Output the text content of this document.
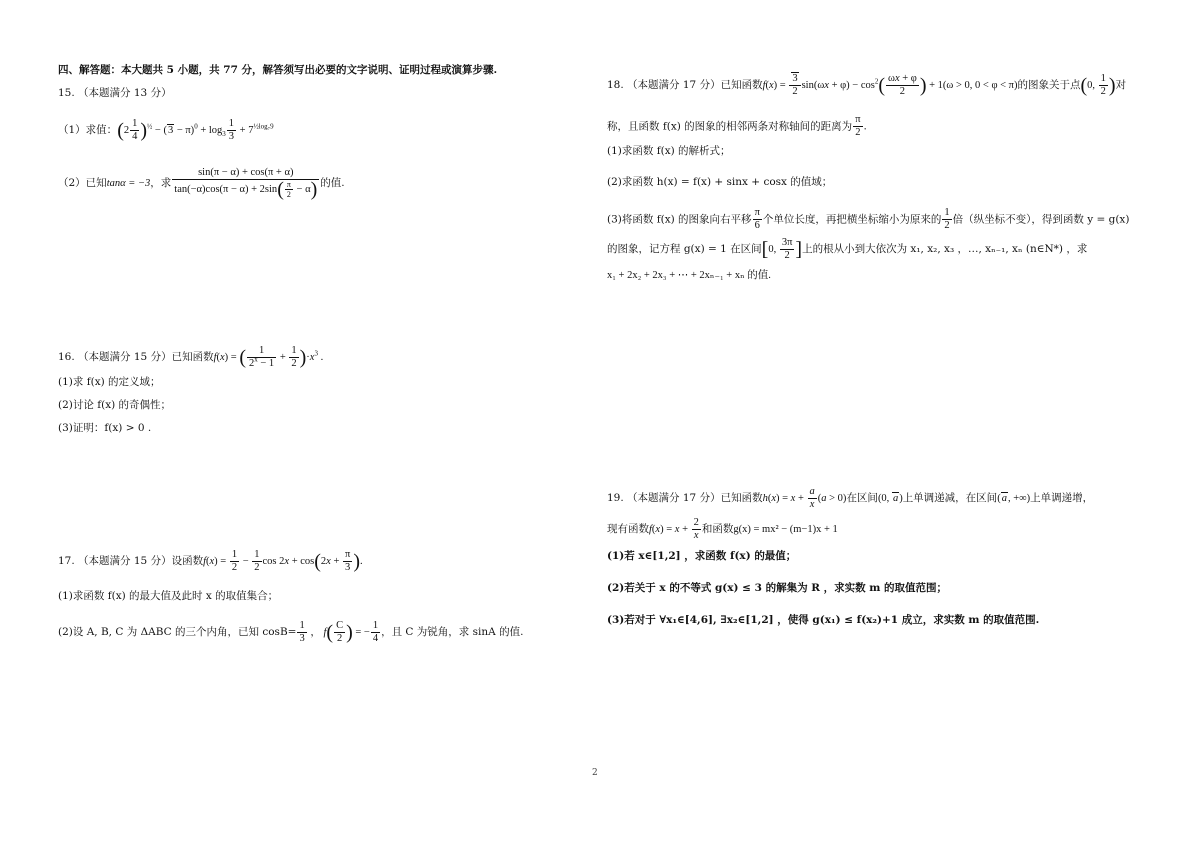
四、解答题：本大题共 5 小题，共 77 分，解答须写出必要的文字说明、证明过程或演算步骤.
15. （本题满分 13 分）
（1）求值：$(2 \frac{1}{4} )^{\frac{1}{2}} - (3 - \pi)^0 + \log_3 \frac{1}{3} + 7^{\frac{1}{2}log_79}$
（2）已知tanα = −3，求 $\frac{\sin(\pi - \alpha) + \cos(\pi + \alpha)}{\tan(-\alpha)\cos(\pi - \alpha) + 2\sin( \frac{\pi}{2} - \alpha)}$ 的值.
16. （本题满分 15 分）已知函数f(x) = ( $\frac{1}{2^x - 1} + \frac{1}{2} )\cdot x^3$ .
(1)求 f(x) 的定义域；
(2)讨论 f(x) 的奇偶性；
(3)证明：f(x) > 0 .
17. （本题满分 15 分）设函数$f(x) = \frac{1}{2} - \frac{1}{2}$ $\cos 2x + \cos(2x + \frac{\pi}{3}$ ).
(1)求函数 f(x) 的最大值及此时 x 的取值集合；
(2)设 A, B, C 为 ΔABC 的三个内角，已知 $\cos B= \frac{1}{3}$ ， $f( \frac{C}{2}$ ) = − $\frac{1}{4}$ ，且 C 为锐角，求 sinA 的值.
18. （本题满分 17 分）已知函数$f(x) = \frac{3}{2} \sin(\omega x + \varphi) - \cos^2( \frac{\omega x + \varphi}{2}$ ) + 1(ω > 0, 0 < φ < π)的图象关于点(0, $\frac{1}{2}$ )对
称，且函数 f(x) 的图象的相邻两条对称轴间的距离为 $\frac{\pi}{2}$ .
(1)求函数 f(x) 的解析式；
(2)求函数 h(x) = f(x) + sinx + cosx 的值域；
(3)将函数 f(x) 的图象向右平移 $\frac{\pi}{6}$ 个单位长度，再把横坐标缩小为原来的 $\frac{1}{2}$ 倍（纵坐标不变），得到函数 y = g(x)
的图象，记方程 g(x) = 1 在区间[0, $\frac{3\pi}{2}$ ]上的根从小到大依次为 x₁, x₂, x₃ ，…, xₙ₋₁, xₙ (n∈N*) ，求
x₁ + 2x₂ + 2x₃ + ⋯ + 2xₙ₋₁ + xₙ 的值.
19. （本题满分 17 分）已知函数$h(x) = x + \frac{a}{x} (a > 0)$在区间(0, a)上单调递减，在区间(a, +∞)上单调递增，
现有函数$f(x) = x + \frac{2}{x}$ 和函数g(x) = mx² − (m−1)x + 1
(1)若 x∈[1,2] ，求函数 f(x) 的最值；
(2)若关于 x 的不等式 g(x) ≤ 3 的解集为 R ，求实数 m 的取值范围；
(3)若对于 ∀x₁∈[4,6], ∃x₂∈[1,2] ，使得 g(x₁) ≤ f(x₂)+1 成立，求实数 m 的取值范围.
2
